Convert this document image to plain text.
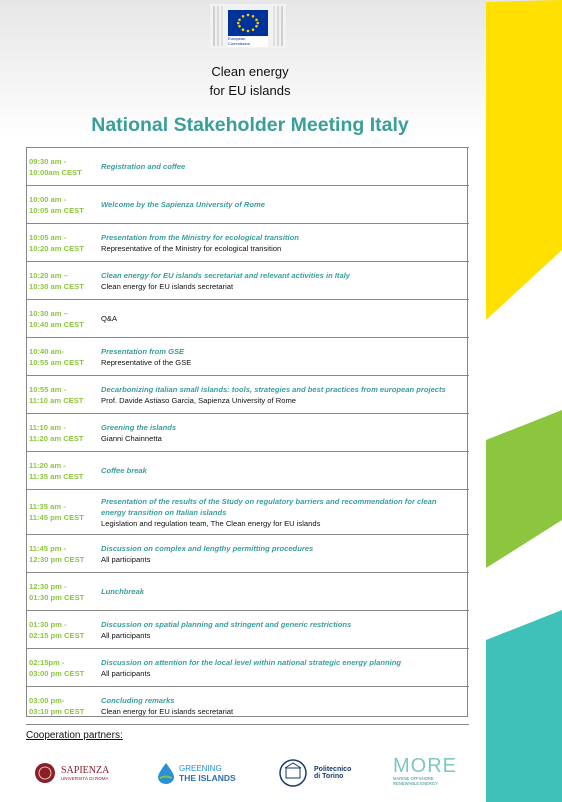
European
Commission
Clean energy
for EU islands
National Stakeholder Meeting Italy
09:30 am -
10:00am CEST	Registration and coffee

10:00 am -
10:05 am CEST	Welcome by the Sapienza University of Rome

10:05 am -
10:20 am CEST	Presentation from the Ministry for ecological transition
Representative of the Ministry for ecological transition

10:20 am –
10:30 am CEST	Clean energy for EU islands secretariat and relevant activities in Italy
Clean energy for EU islands secretariat

10:30 am –
10:40 am CEST	Q&A

10:40 am-
10:55 am CEST	Presentation from GSE
Representative of the GSE

10:55 am -
11:10 am CEST	Decarbonizing italian small islands: tools, strategies and best practices from european projects
Prof. Davide Astiaso Garcia, Sapienza University of Rome

11:10 am -
11:20 am CEST	Greening the islands
Gianni Chainnetta

11:20 am -
11:35 am CEST	Coffee break

11:35 am -
11:45 pm CEST	Presentation of the results of the Study on regulatory barriers and recommendation for clean energy transition on Italian islands
Legislation and regulation team, The Clean energy for EU islands

11:45 pm -
12:30 pm CEST	Discussion on complex and lengthy permitting procedures
All participants

12:30 pm -
01:30 pm CEST	Lunchbreak

01:30 pm -
02:15 pm CEST	Discussion on spatial planning and stringent and generic restrictions
All participants

02:15pm -
03:00 pm CEST	Discussion on attention for the local level within national strategic energy planning
All participants

03:00 pm-
03:10 pm CEST	Concluding remarks
Clean energy for EU islands secretariat
Cooperation partners:
SAPIENZA
UNIVERSITÀ DI ROMA
GREENING
THE ISLANDS
Politecnico
di Torino	MORE
MARINE OFFSHORE RENEWABLE ENERGY
